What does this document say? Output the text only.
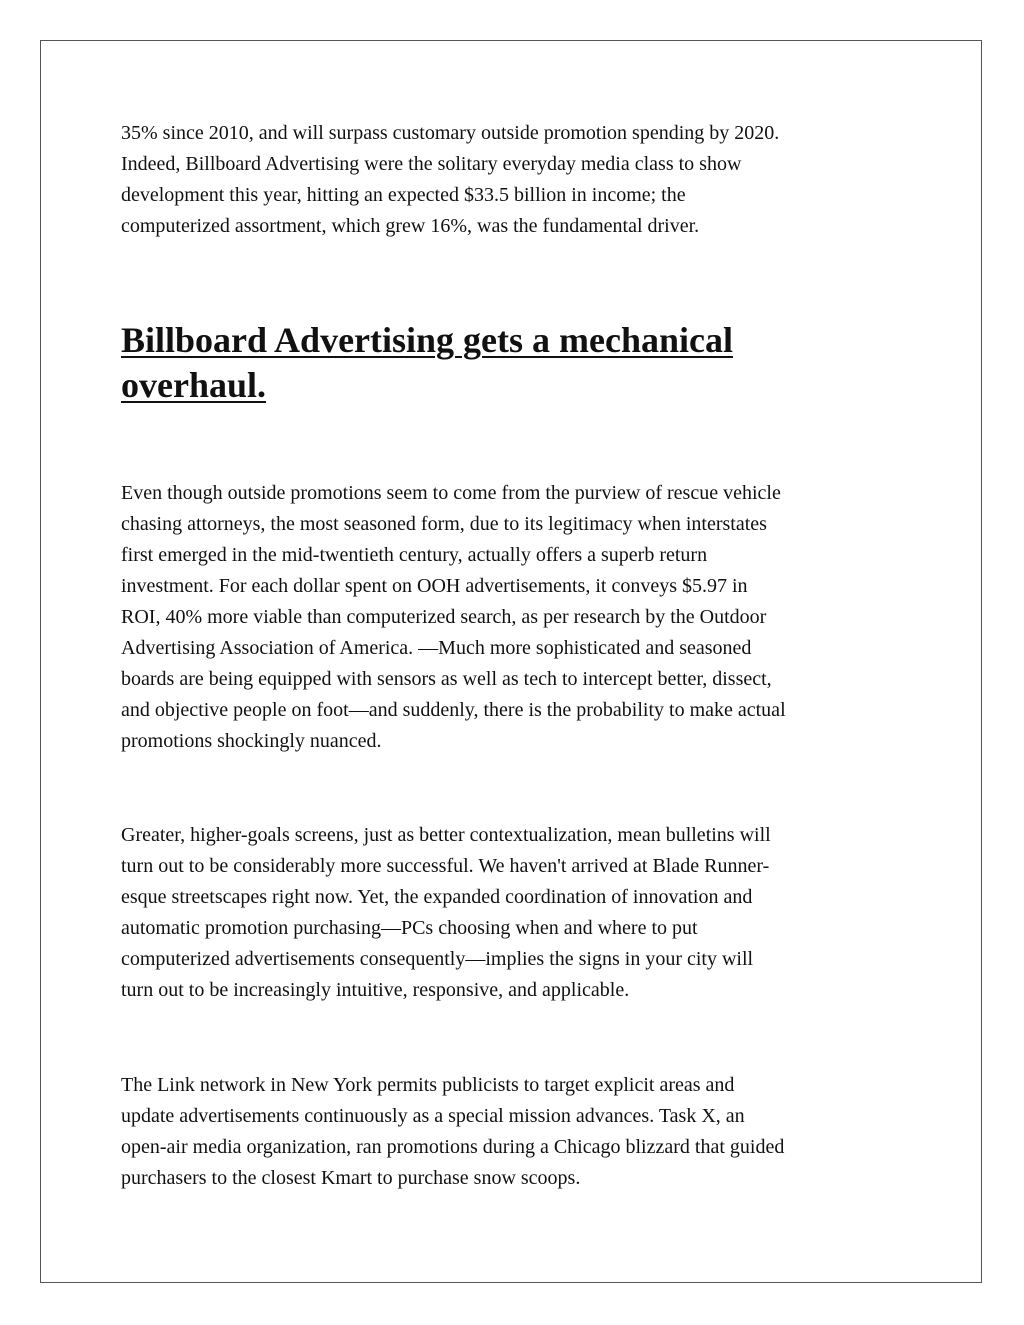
35% since 2010, and will surpass customary outside promotion spending by 2020.
Indeed, Billboard Advertising were the solitary everyday media class to show
development this year, hitting an expected $33.5 billion in income; the
computerized assortment, which grew 16%, was the fundamental driver.

Billboard Advertising gets a mechanical
overhaul.

Even though outside promotions seem to come from the purview of rescue vehicle
chasing attorneys, the most seasoned form, due to its legitimacy when interstates
first emerged in the mid-twentieth century, actually offers a superb return
investment. For each dollar spent on OOH advertisements, it conveys $5.97 in
ROI, 40% more viable than computerized search, as per research by the Outdoor
Advertising Association of America. —Much more sophisticated and seasoned
boards are being equipped with sensors as well as tech to intercept better, dissect,
and objective people on foot—and suddenly, there is the probability to make actual
promotions shockingly nuanced.

Greater, higher-goals screens, just as better contextualization, mean bulletins will
turn out to be considerably more successful. We haven't arrived at Blade Runner-
esque streetscapes right now. Yet, the expanded coordination of innovation and
automatic promotion purchasing—PCs choosing when and where to put
computerized advertisements consequently—implies the signs in your city will
turn out to be increasingly intuitive, responsive, and applicable.

The Link network in New York permits publicists to target explicit areas and
update advertisements continuously as a special mission advances. Task X, an
open-air media organization, ran promotions during a Chicago blizzard that guided
purchasers to the closest Kmart to purchase snow scoops.
